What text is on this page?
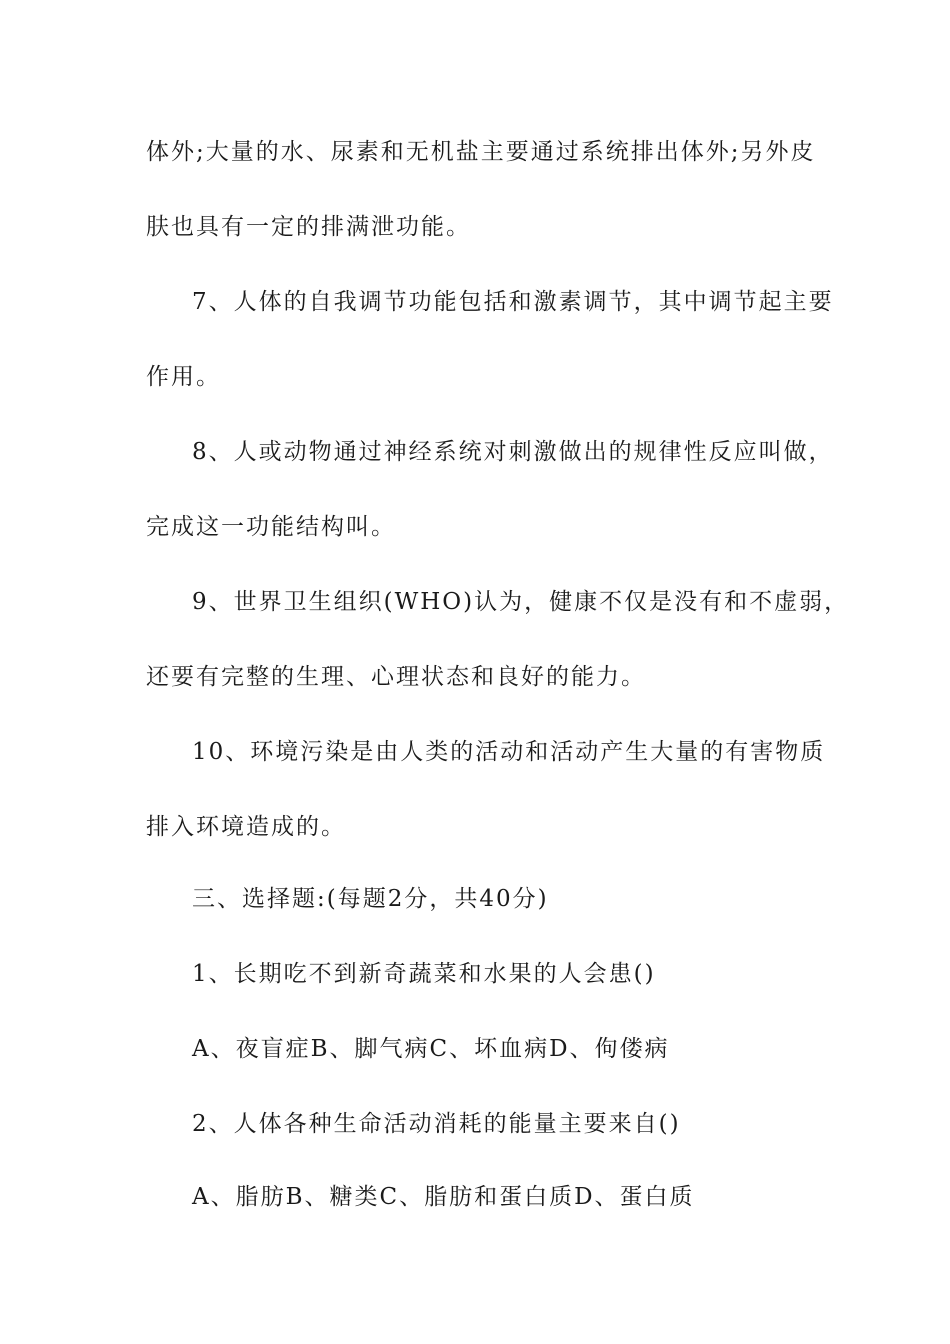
体外;大量的水、尿素和无机盐主要通过系统排出体外;另外皮
肤也具有一定的排满泄功能。
7、人体的自我调节功能包括和激素调节，其中调节起主要
作用。
8、人或动物通过神经系统对刺激做出的规律性反应叫做，
完成这一功能结构叫。
9、世界卫生组织(WHO)认为，健康不仅是没有和不虚弱，
还要有完整的生理、心理状态和良好的能力。
10、环境污染是由人类的活动和活动产生大量的有害物质
排入环境造成的。
三、选择题:(每题2分，共40分)
1、长期吃不到新奇蔬菜和水果的人会患()
A、夜盲症B、脚气病C、坏血病D、佝偻病
2、人体各种生命活动消耗的能量主要来自()
A、脂肪B、糖类C、脂肪和蛋白质D、蛋白质
